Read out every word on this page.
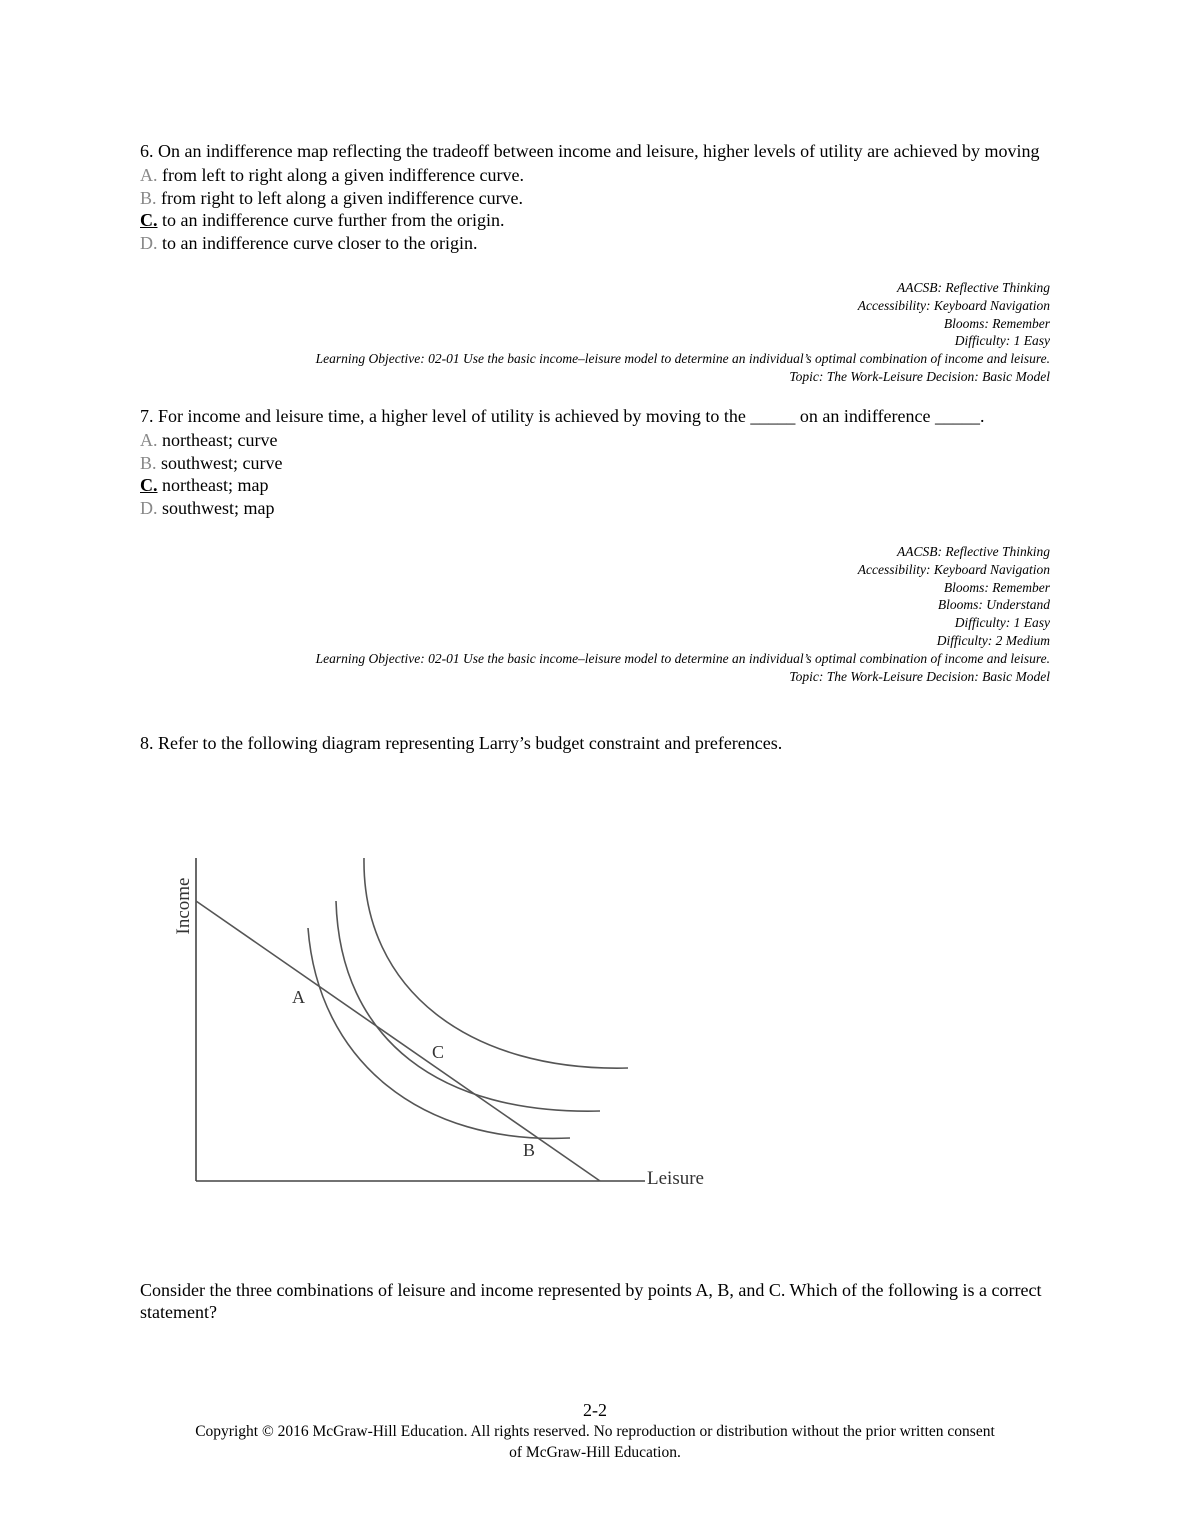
6. On an indifference map reflecting the tradeoff between income and leisure, higher levels of utility are achieved by moving
A. from left to right along a given indifference curve.
B. from right to left along a given indifference curve.
C. to an indifference curve further from the origin.
D. to an indifference curve closer to the origin.
AACSB: Reflective Thinking
Accessibility: Keyboard Navigation
Blooms: Remember
Difficulty: 1 Easy
Learning Objective: 02-01 Use the basic income–leisure model to determine an individual’s optimal combination of income and leisure.
Topic: The Work-Leisure Decision: Basic Model
7. For income and leisure time, a higher level of utility is achieved by moving to the _____ on an indifference _____.
A. northeast; curve
B. southwest; curve
C. northeast; map
D. southwest; map
AACSB: Reflective Thinking
Accessibility: Keyboard Navigation
Blooms: Remember
Blooms: Understand
Difficulty: 1 Easy
Difficulty: 2 Medium
Learning Objective: 02-01 Use the basic income–leisure model to determine an individual’s optimal combination of income and leisure.
Topic: The Work-Leisure Decision: Basic Model
8. Refer to the following diagram representing Larry’s budget constraint and preferences.
Income
Leisure
A
C
B
Consider the three combinations of leisure and income represented by points A, B, and C. Which of the following is a correct statement?
2-2
Copyright © 2016 McGraw-Hill Education. All rights reserved. No reproduction or distribution without the prior written consent
of McGraw-Hill Education.
